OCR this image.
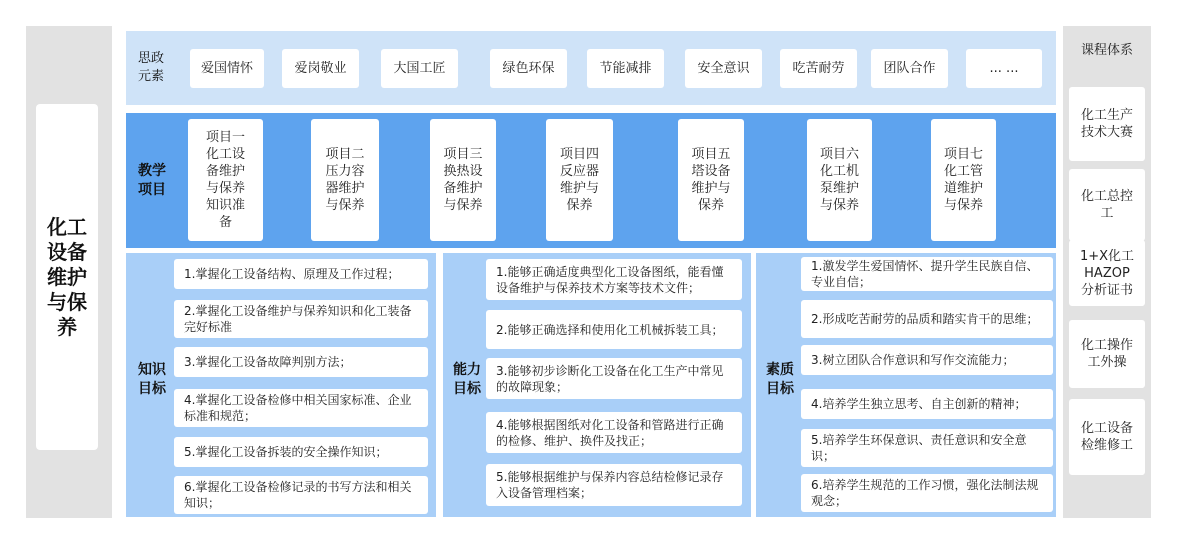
化工
设备
维护
与保
养
思政
元素
爱国情怀	爱岗敬业	大国工匠	绿色环保	节能减排	安全意识	吃苦耐劳	团队合作	... ...
教学
项目
项目一
化工设
备维护
与保养
知识准
备
项目二
压力容
器维护
与保养
项目三
换热设
备维护
与保养
项目四
反应器
维护与
保养
项目五
塔设备
维护与
保养
项目六
化工机
泵维护
与保养
项目七
化工管
道维护
与保养
知识
目标
能力
目标
素质
目标
1.掌握化工设备结构、原理及工作过程；
2.掌握化工设备维护与保养知识和化工装备完好标准
3.掌握化工设备故障判别方法；
4.掌握化工设备检修中相关国家标准、企业标准和规范；
5.掌握化工设备拆装的安全操作知识；
6.掌握化工设备检修记录的书写方法和相关知识；
1.能够正确适度典型化工设备图纸，能看懂设备维护与保养技术方案等技术文件；
2.能够正确选择和使用化工机械拆装工具；
3.能够初步诊断化工设备在化工生产中常见的故障现象；
4.能够根据图纸对化工设备和管路进行正确的检修、维护、换件及找正；
5.能够根据维护与保养内容总结检修记录存入设备管理档案；
1.激发学生爱国情怀、提升学生民族自信、专业自信；
2.形成吃苦耐劳的品质和踏实肯干的思维；
3.树立团队合作意识和写作交流能力；
4.培养学生独立思考、自主创新的精神；
5.培养学生环保意识、责任意识和安全意识；
6.培养学生规范的工作习惯，强化法制法规观念；
课程体系
化工生产
技术大赛
化工总控
工
1+X化工
HAZOP
分析证书
化工操作
工外操
化工设备
检维修工
